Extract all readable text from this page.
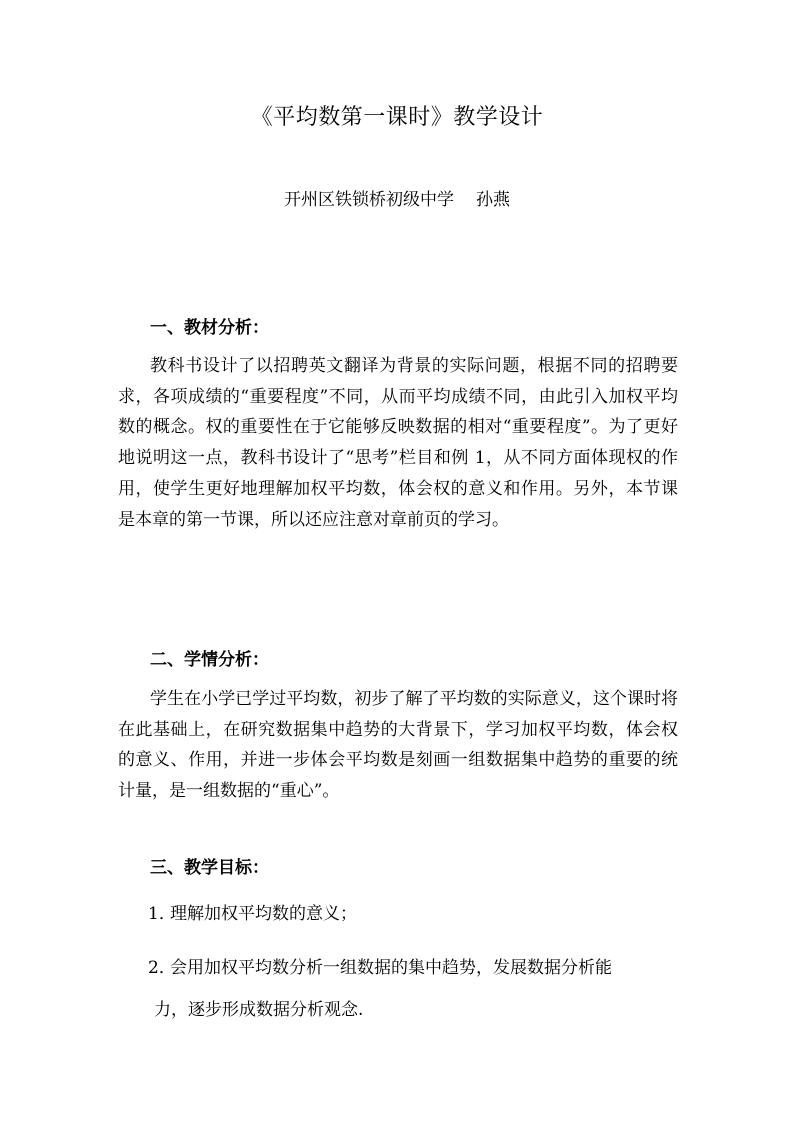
《平均数第一课时》教学设计
开州区铁锁桥初级中学 孙燕
一、教材分析：

教科书设计了以招聘英文翻译为背景的实际问题，根据不同的招聘要求，各项成绩的“重要程度”不同，从而平均成绩不同，由此引入加权平均数的概念。权的重要性在于它能够反映数据的相对“重要程度”。为了更好地说明这一点，教科书设计了“思考”栏目和例 1，从不同方面体现权的作用，使学生更好地理解加权平均数，体会权的意义和作用。另外，本节课是本章的第一节课，所以还应注意对章前页的学习。

二、学情分析：

学生在小学已学过平均数，初步了解了平均数的实际意义，这个课时将在此基础上，在研究数据集中趋势的大背景下，学习加权平均数，体会权的意义、作用，并进一步体会平均数是刻画一组数据集中趋势的重要的统计量，是一组数据的“重心”。

三、教学目标：
1．理解加权平均数的意义；
2．会用加权平均数分析一组数据的集中趋势，发展数据分析能
力，逐步形成数据分析观念.
